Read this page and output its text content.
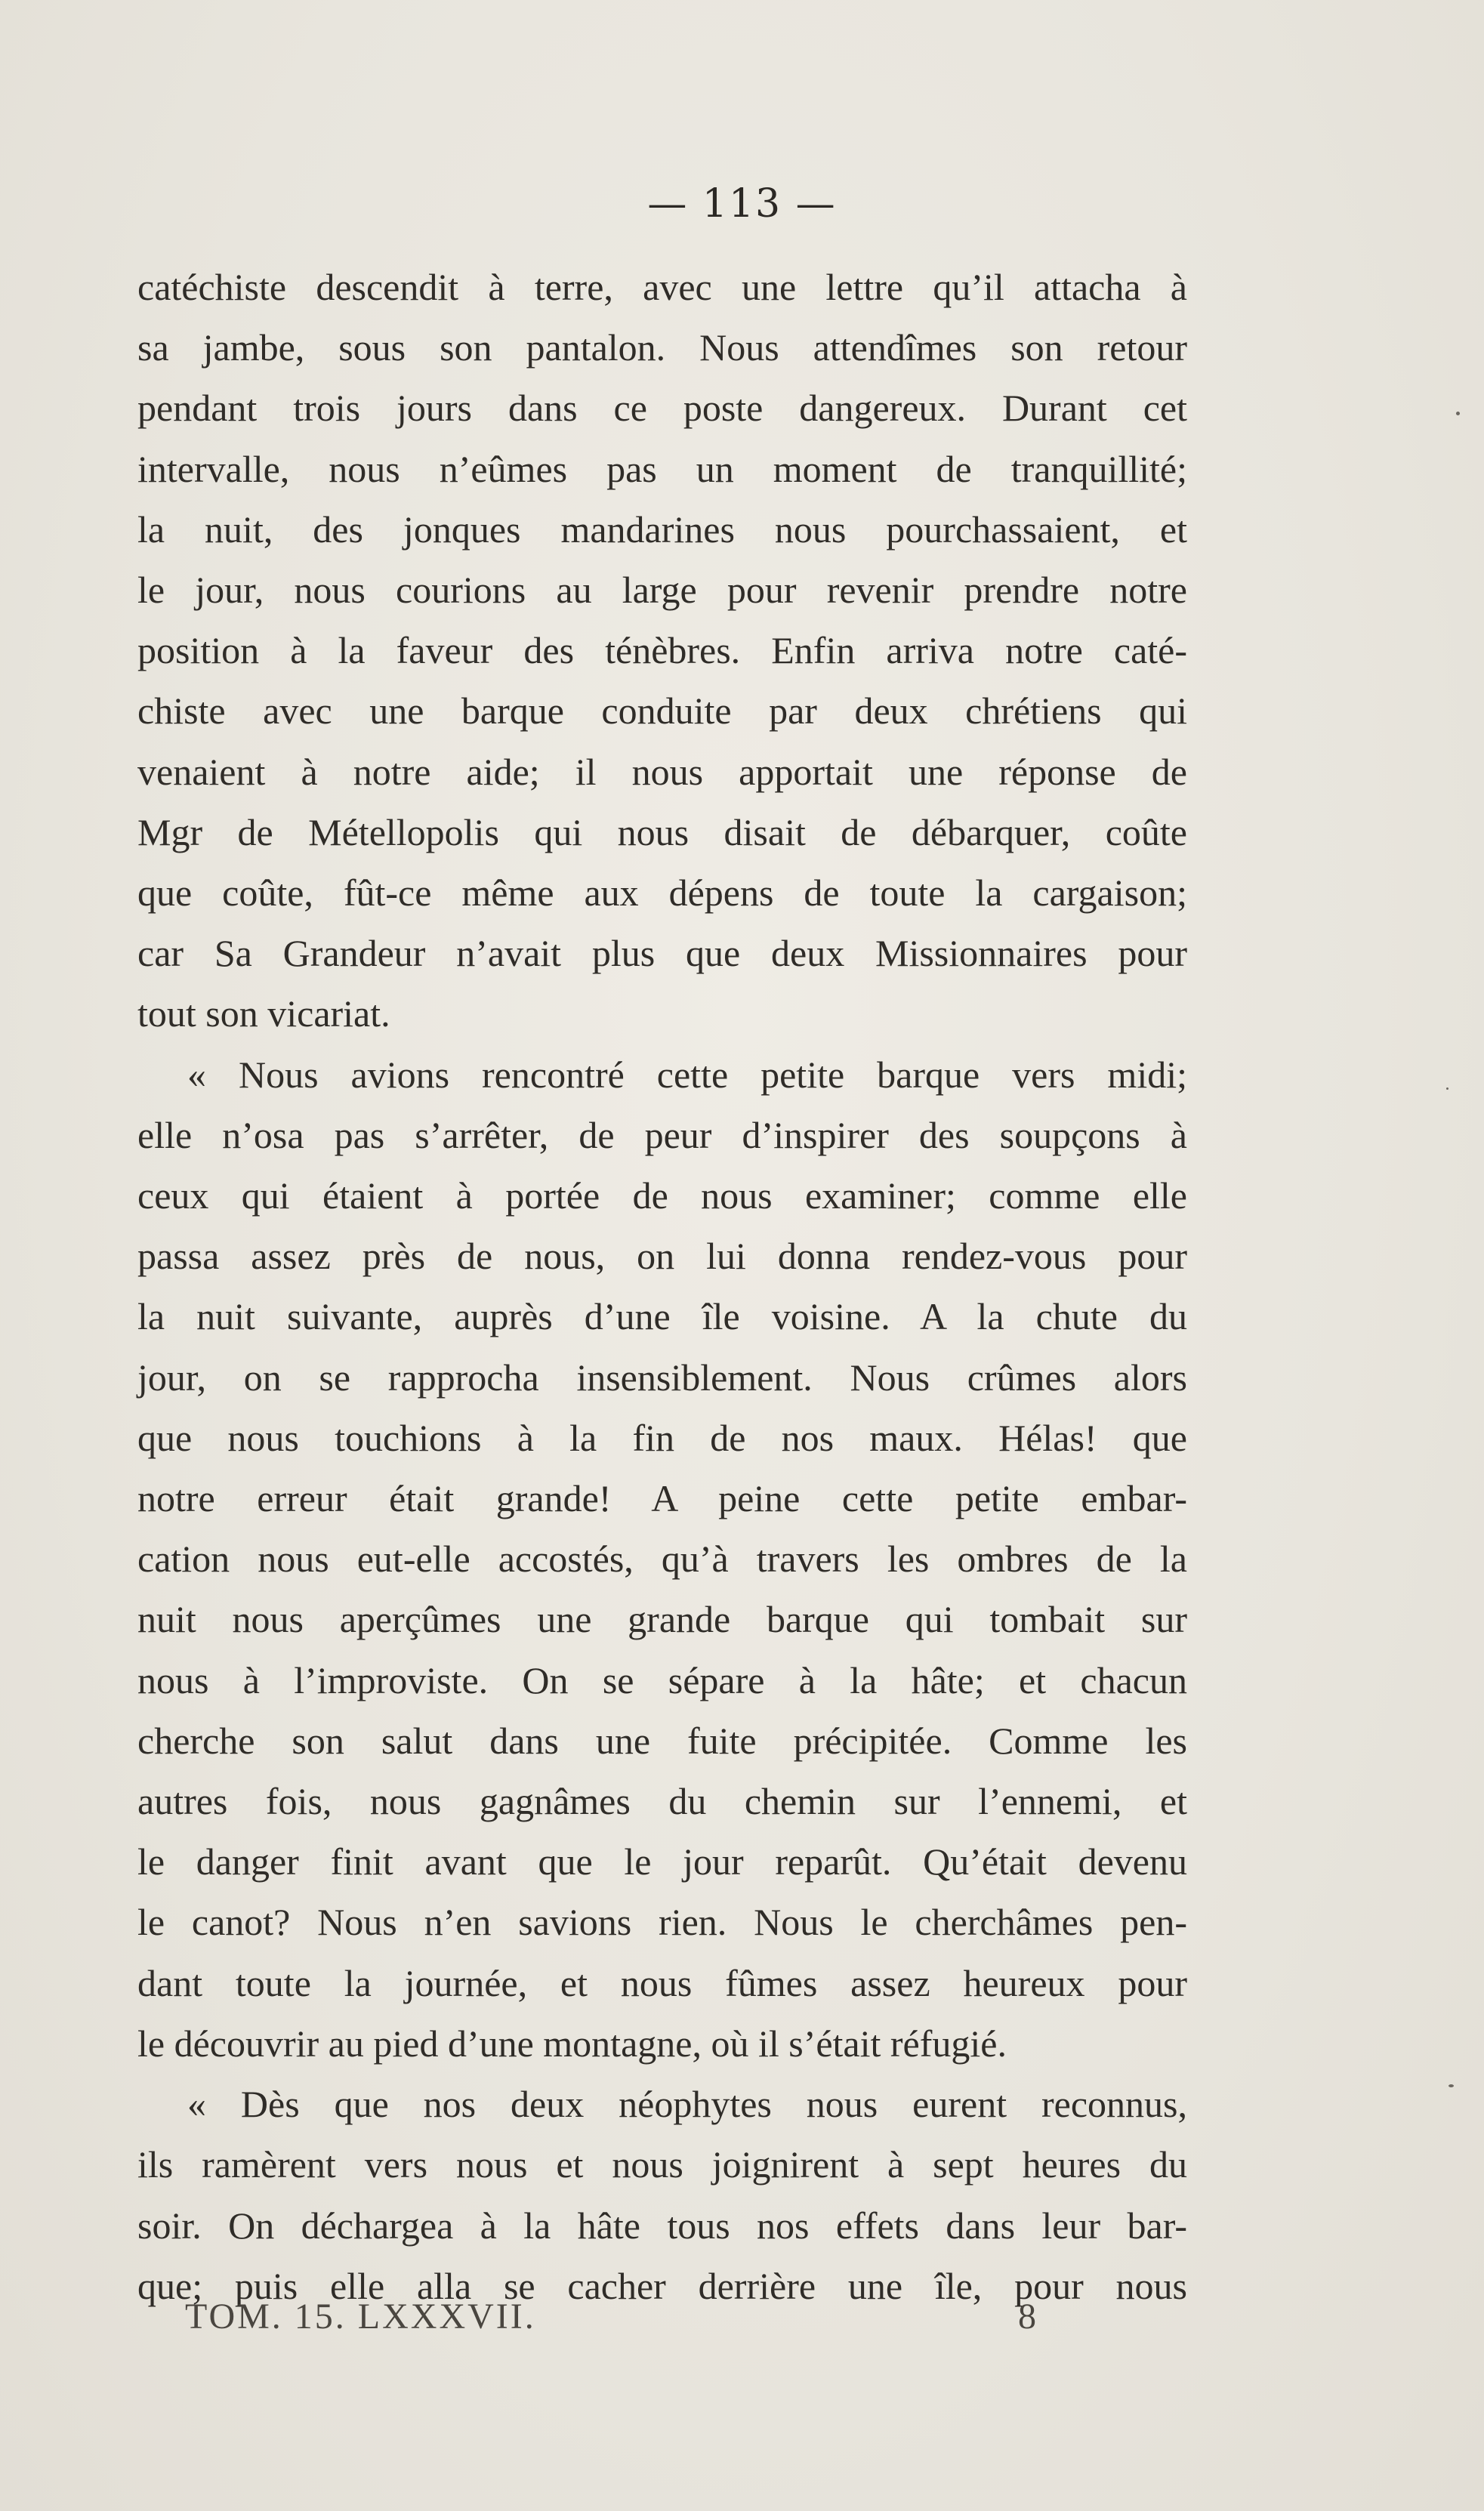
— 113 —
catéchiste descendit à terre, avec une lettre qu’il attacha à
sa jambe, sous son pantalon. Nous attendîmes son retour
pendant trois jours dans ce poste dangereux. Durant cet
intervalle, nous n’eûmes pas un moment de tranquillité;
la nuit, des jonques mandarines nous pourchassaient, et
le jour, nous courions au large pour revenir prendre notre
position à la faveur des ténèbres. Enfin arriva notre caté-
chiste avec une barque conduite par deux chrétiens qui
venaient à notre aide; il nous apportait une réponse de
Mgr de Métellopolis qui nous disait de débarquer, coûte
que coûte, fût-ce même aux dépens de toute la cargaison;
car Sa Grandeur n’avait plus que deux Missionnaires pour
tout son vicariat.
« Nous avions rencontré cette petite barque vers midi;
elle n’osa pas s’arrêter, de peur d’inspirer des soupçons à
ceux qui étaient à portée de nous examiner; comme elle
passa assez près de nous, on lui donna rendez-vous pour
la nuit suivante, auprès d’une île voisine. A la chute du
jour, on se rapprocha insensiblement. Nous crûmes alors
que nous touchions à la fin de nos maux. Hélas! que
notre erreur était grande! A peine cette petite embar-
cation nous eut-elle accostés, qu’à travers les ombres de la
nuit nous aperçûmes une grande barque qui tombait sur
nous à l’improviste. On se sépare à la hâte; et chacun
cherche son salut dans une fuite précipitée. Comme les
autres fois, nous gagnâmes du chemin sur l’ennemi, et
le danger finit avant que le jour reparût. Qu’était devenu
le canot? Nous n’en savions rien. Nous le cherchâmes pen-
dant toute la journée, et nous fûmes assez heureux pour
le découvrir au pied d’une montagne, où il s’était réfugié.
« Dès que nos deux néophytes nous eurent reconnus,
ils ramèrent vers nous et nous joignirent à sept heures du
soir. On déchargea à la hâte tous nos effets dans leur bar-
que; puis elle alla se cacher derrière une île, pour nous
TOM. 15. LXXXVII.	8
